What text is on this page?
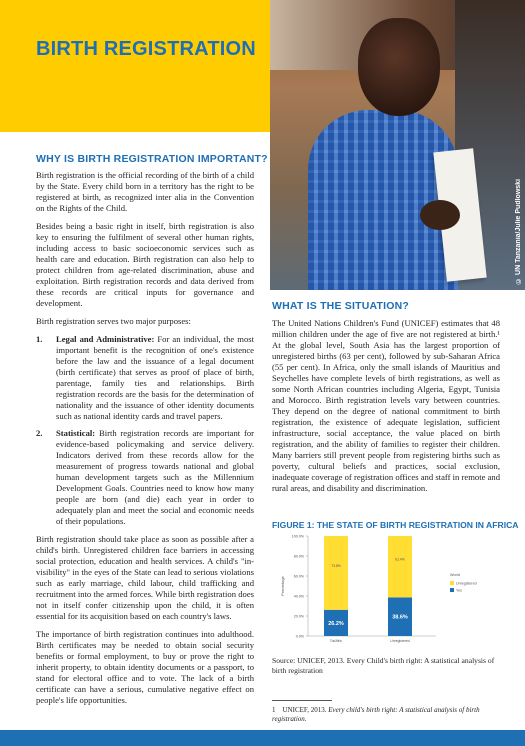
BIRTH REGISTRATION
© UN Tanzania/Julie Pudlowski
WHY IS BIRTH REGISTRATION IMPORTANT?

Birth registration is the official recording of the birth of a child by the State. Every child born in a territory has the right to be registered at birth, as recognized inter alia in the Convention on the Rights of the Child.

Besides being a basic right in itself, birth registration is also key to ensuring the fulfilment of several other human rights, including access to basic socioeconomic services such as health care and education. Birth registration can also help to protect children from age-related discrimination, abuse and exploitation. Birth registration records and data derived from these records are critical inputs for governance and development.

Birth registration serves two major purposes:

1. Legal and Administrative: For an individual, the most important benefit is the recognition of one's existence before the law and the issuance of a legal document (birth certificate) that serves as proof of place of birth, parentage, family ties and relationships. Birth registration records are the basis for the determination of nationality and the issuance of other identity documents such as national identity cards and travel papers.
2. Statistical: Birth registration records are important for evidence-based policymaking and service delivery. Indicators derived from these records allow for the measurement of progress towards national and global human development targets such as the Millennium Development Goals. Countries need to know how many people are born (and die) each year in order to adequately plan and meet the social and economic needs of their populations.

Birth registration should take place as soon as possible after a child's birth. Unregistered children face barriers in accessing social protection, education and health services. A child's "in-visibility" in the eyes of the State can lead to serious violations such as early marriage, child labour, child trafficking and recruitment into the armed forces. While birth registration does not in itself confer citizenship upon the child, it is often essential for its acquisition based on each country's laws.

The importance of birth registration continues into adulthood. Birth certificates may be needed to obtain social security benefits or formal employment, to buy or prove the right to inherit property, to obtain identity documents or a passport, to stand for electoral office and to vote. The lack of a birth certificate can have a serious, cumulative negative effect on people's life opportunities.

WHAT IS THE SITUATION?

The United Nations Children's Fund (UNICEF) estimates that 48 million children under the age of five are not registered at birth.¹ At the global level, South Asia has the largest proportion of unregistered births (63 per cent), followed by sub-Saharan Africa (55 per cent). In Africa, only the small islands of Mauritius and Seychelles have complete levels of birth registrations, as well as some North African countries including Algeria, Egypt, Tunisia and Morocco. Birth registration levels vary between countries. They depend on the degree of national commitment to birth registration, the existence of adequate legislation, sufficient infrastructure, social acceptance, the value placed on birth registration, and the ability of families to register their children. Many barriers still prevent people from registering births such as poverty, cultural beliefs and practices, social exclusion, inadequate coverage of registration offices and staff in remote and rural areas, and disability and discrimination.

FIGURE 1: THE STATE OF BIRTH REGISTRATION IN AFRICA
0.0%
20.0%
40.0%
60.0%
80.0%
100.0%
Percentage
26.2%
73.8%
Tot/Afric
38.6%
61.4%
Unregistered
World
Unregistered
Yes
Source: UNICEF, 2013. Every Child's birth right: A statistical analysis of birth registration
1 UNICEF, 2013. Every child's birth right: A statistical analysis of birth registration.
